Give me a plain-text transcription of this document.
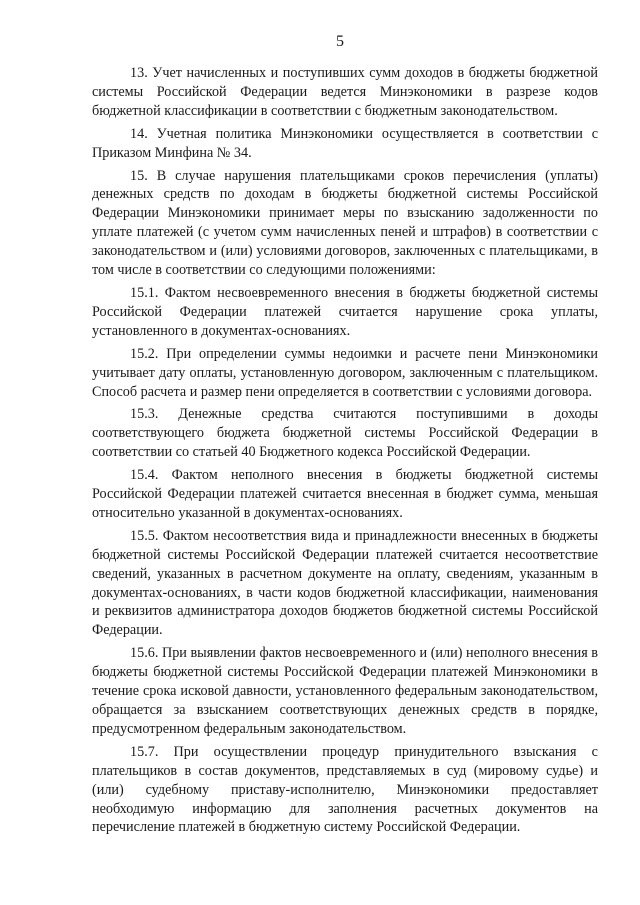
5

13. Учет начисленных и поступивших сумм доходов в бюджеты бюджетной системы Российской Федерации ведется Минэкономики в разрезе кодов бюджетной классификации в соответствии с бюджетным законодательством.

14. Учетная политика Минэкономики осуществляется в соответствии с Приказом Минфина № 34.

15. В случае нарушения плательщиками сроков перечисления (уплаты) денежных средств по доходам в бюджеты бюджетной системы Российской Федерации Минэкономики принимает меры по взысканию задолженности по уплате платежей (с учетом сумм начисленных пеней и штрафов) в соответствии с законодательством и (или) условиями договоров, заключенных с плательщиками, в том числе в соответствии со следующими положениями:

15.1. Фактом несвоевременного внесения в бюджеты бюджетной системы Российской Федерации платежей считается нарушение срока уплаты, установленного в документах-основаниях.

15.2. При определении суммы недоимки и расчете пени Минэкономики учитывает дату оплаты, установленную договором, заключенным с плательщиком. Способ расчета и размер пени определяется в соответствии с условиями договора.

15.3. Денежные средства считаются поступившими в доходы соответствующего бюджета бюджетной системы Российской Федерации в соответствии со статьей 40 Бюджетного кодекса Российской Федерации.

15.4. Фактом неполного внесения в бюджеты бюджетной системы Российской Федерации платежей считается внесенная в бюджет сумма, меньшая относительно указанной в документах-основаниях.

15.5. Фактом несоответствия вида и принадлежности внесенных в бюджеты бюджетной системы Российской Федерации платежей считается несоответствие сведений, указанных в расчетном документе на оплату, сведениям, указанным в документах-основаниях, в части кодов бюджетной классификации, наименования и реквизитов администратора доходов бюджетов бюджетной системы Российской Федерации.

15.6. При выявлении фактов несвоевременного и (или) неполного внесения в бюджеты бюджетной системы Российской Федерации платежей Минэкономики в течение срока исковой давности, установленного федеральным законодательством, обращается за взысканием соответствующих денежных средств в порядке, предусмотренном федеральным законодательством.

15.7. При осуществлении процедур принудительного взыскания с плательщиков в состав документов, представляемых в суд (мировому судье) и (или) судебному приставу-исполнителю, Минэкономики предоставляет необходимую информацию для заполнения расчетных документов на перечисление платежей в бюджетную систему Российской Федерации.
